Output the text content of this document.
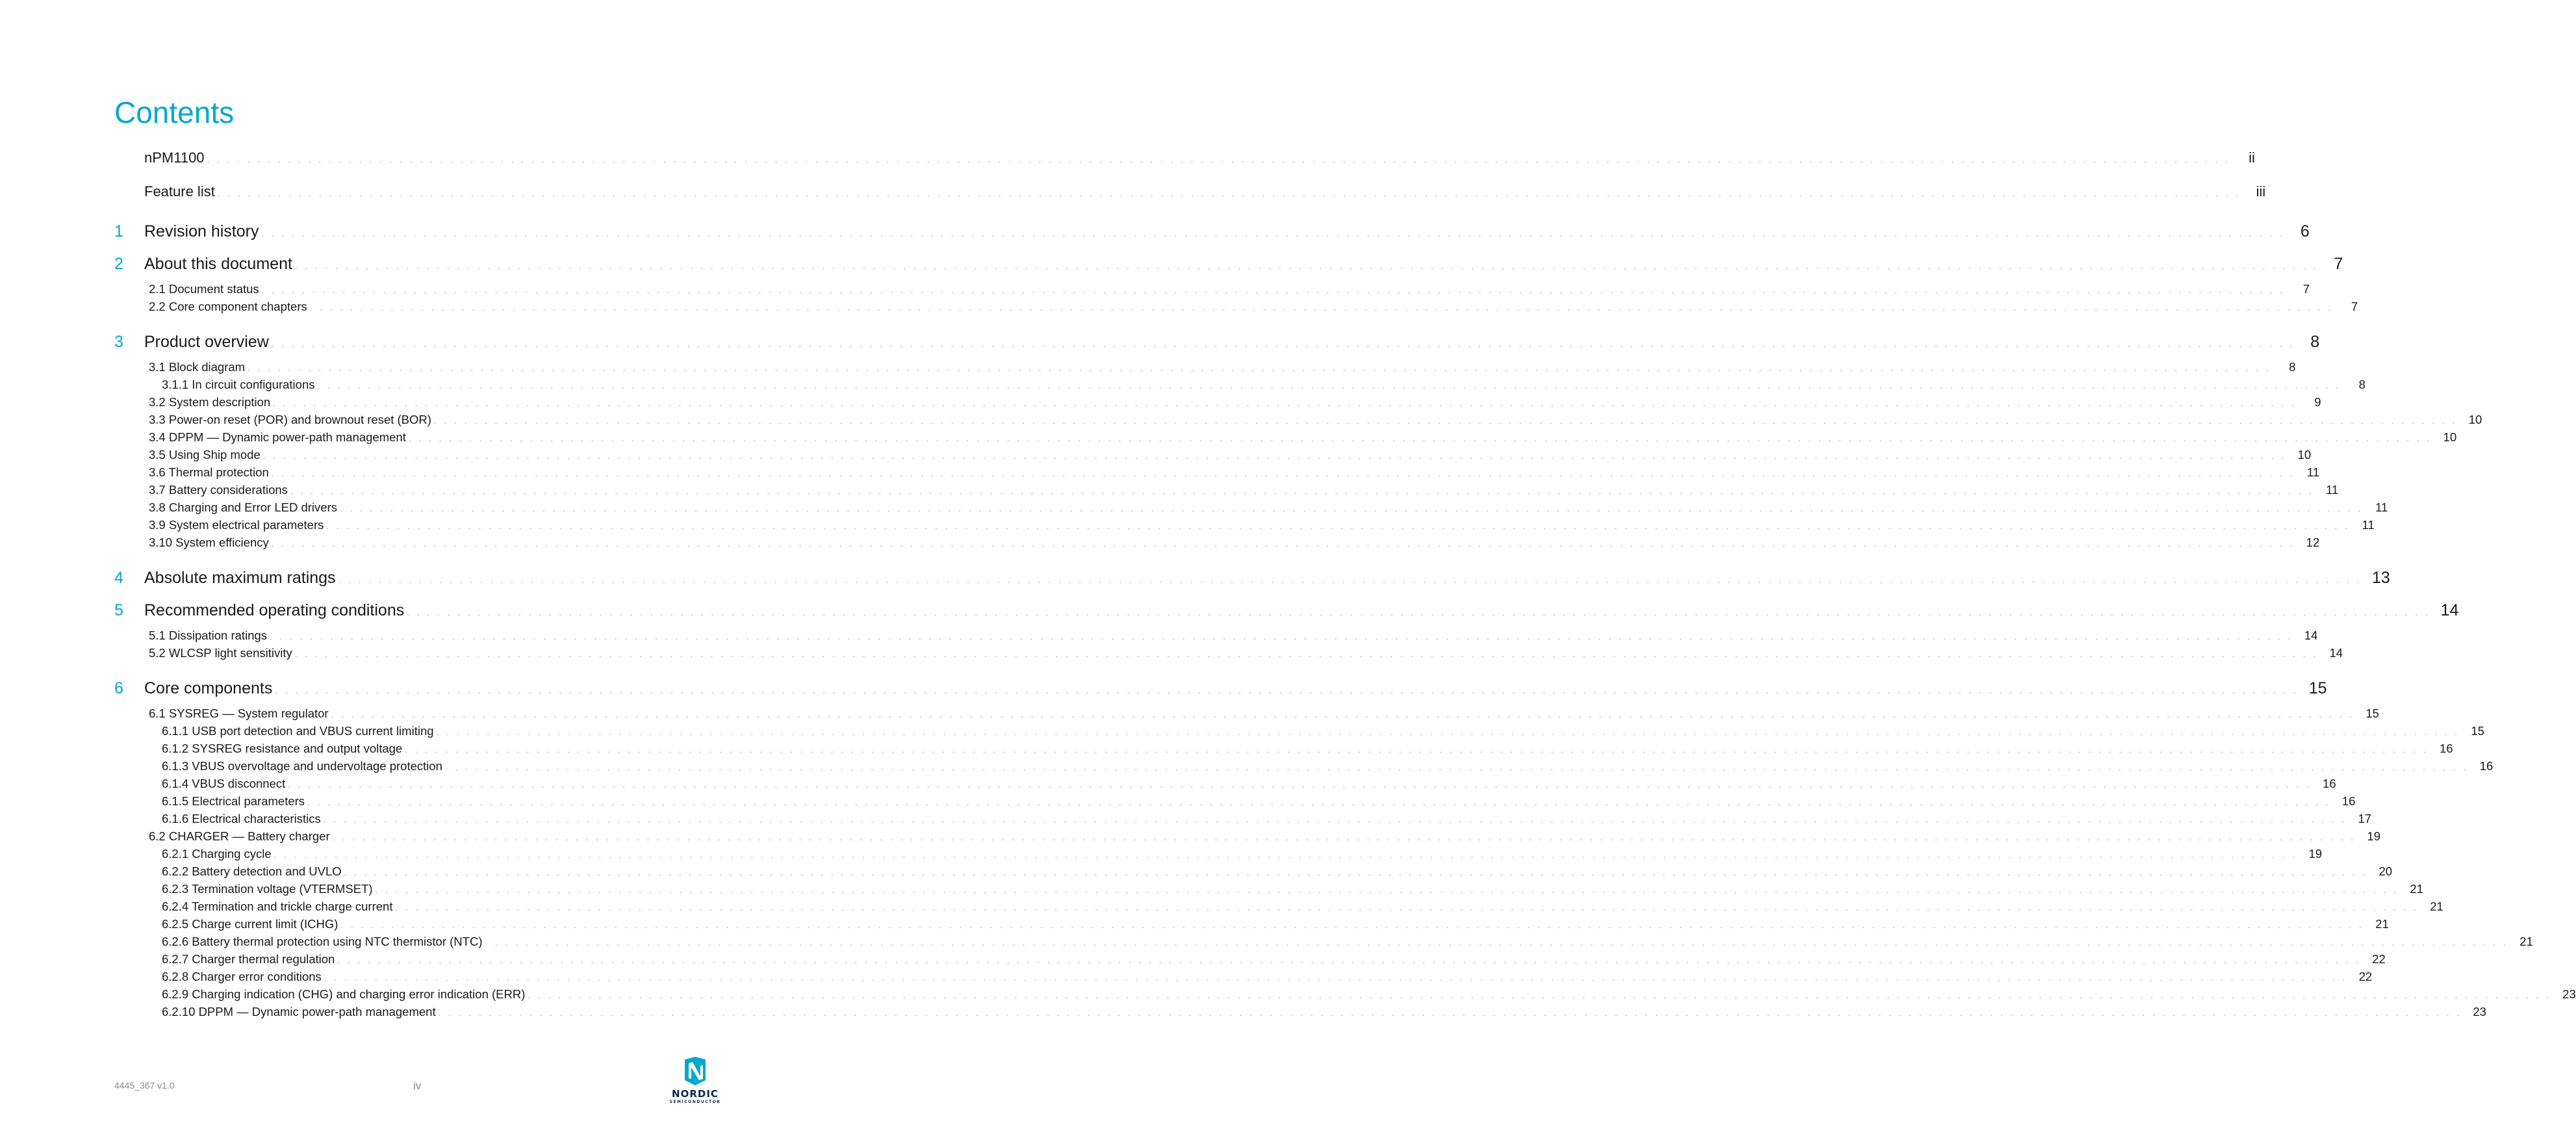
Contents
nPM1100 ........................................................................................................................................................................................................ ii
Feature list ........................................................................................................................................................................................................ iii
1 Revision history ........................................................................................................................................................................................................ 6
2 About this document ........................................................................................................................................................................................................ 7
2.1 Document status ........................................................................................................................................................................................................	7
2.2 Core component chapters ........................................................................................................................................................................................................	7
3 Product overview ........................................................................................................................................................................................................ 8
3.1 Block diagram ........................................................................................................................................................................................................	8
3.1.1 In circuit configurations ........................................................................................................................................................................................................	8
3.2 System description ........................................................................................................................................................................................................	9
3.3 Power-on reset (POR) and brownout reset (BOR) ........................................................................................................................................................................................................ 10
3.4 DPPM — Dynamic power-path management ........................................................................................................................................................................................................ 10
3.5 Using Ship mode ........................................................................................................................................................................................................ 10
3.6 Thermal protection ........................................................................................................................................................................................................ 11
3.7 Battery considerations ........................................................................................................................................................................................................ 11
3.8 Charging and Error LED drivers ........................................................................................................................................................................................................ 11
3.9 System electrical parameters ........................................................................................................................................................................................................ 11
3.10 System efficiency ........................................................................................................................................................................................................ 12
4 Absolute maximum ratings ........................................................................................................................................................................................................ 13
5 Recommended operating conditions ........................................................................................................................................................................................................ 14
5.1 Dissipation ratings ........................................................................................................................................................................................................ 14
5.2 WLCSP light sensitivity ........................................................................................................................................................................................................ 14
6 Core components ........................................................................................................................................................................................................ 15
6.1 SYSREG — System regulator ........................................................................................................................................................................................................ 15
6.1.1 USB port detection and VBUS current limiting ........................................................................................................................................................................................................ 15
6.1.2 SYSREG resistance and output voltage ........................................................................................................................................................................................................ 16
6.1.3 VBUS overvoltage and undervoltage protection ........................................................................................................................................................................................................ 16
6.1.4 VBUS disconnect ........................................................................................................................................................................................................ 16
6.1.5 Electrical parameters ........................................................................................................................................................................................................ 16
6.1.6 Electrical characteristics ........................................................................................................................................................................................................ 17
6.2 CHARGER — Battery charger ........................................................................................................................................................................................................ 19
6.2.1 Charging cycle ........................................................................................................................................................................................................ 19
6.2.2 Battery detection and UVLO ........................................................................................................................................................................................................ 20
6.2.3 Termination voltage (VTERMSET) ........................................................................................................................................................................................................ 21
6.2.4 Termination and trickle charge current ........................................................................................................................................................................................................ 21
6.2.5 Charge current limit (ICHG) ........................................................................................................................................................................................................ 21
6.2.6 Battery thermal protection using NTC thermistor (NTC) ........................................................................................................................................................................................................ 21
6.2.7 Charger thermal regulation ........................................................................................................................................................................................................ 22
6.2.8 Charger error conditions ........................................................................................................................................................................................................ 22
6.2.9 Charging indication (CHG) and charging error indication (ERR) ........................................................................................................................................................................................................ 23
6.2.10 DPPM — Dynamic power-path management ........................................................................................................................................................................................................ 23
4445_367 v1.0	iv
NORDIC
SEMICONDUCTOR
